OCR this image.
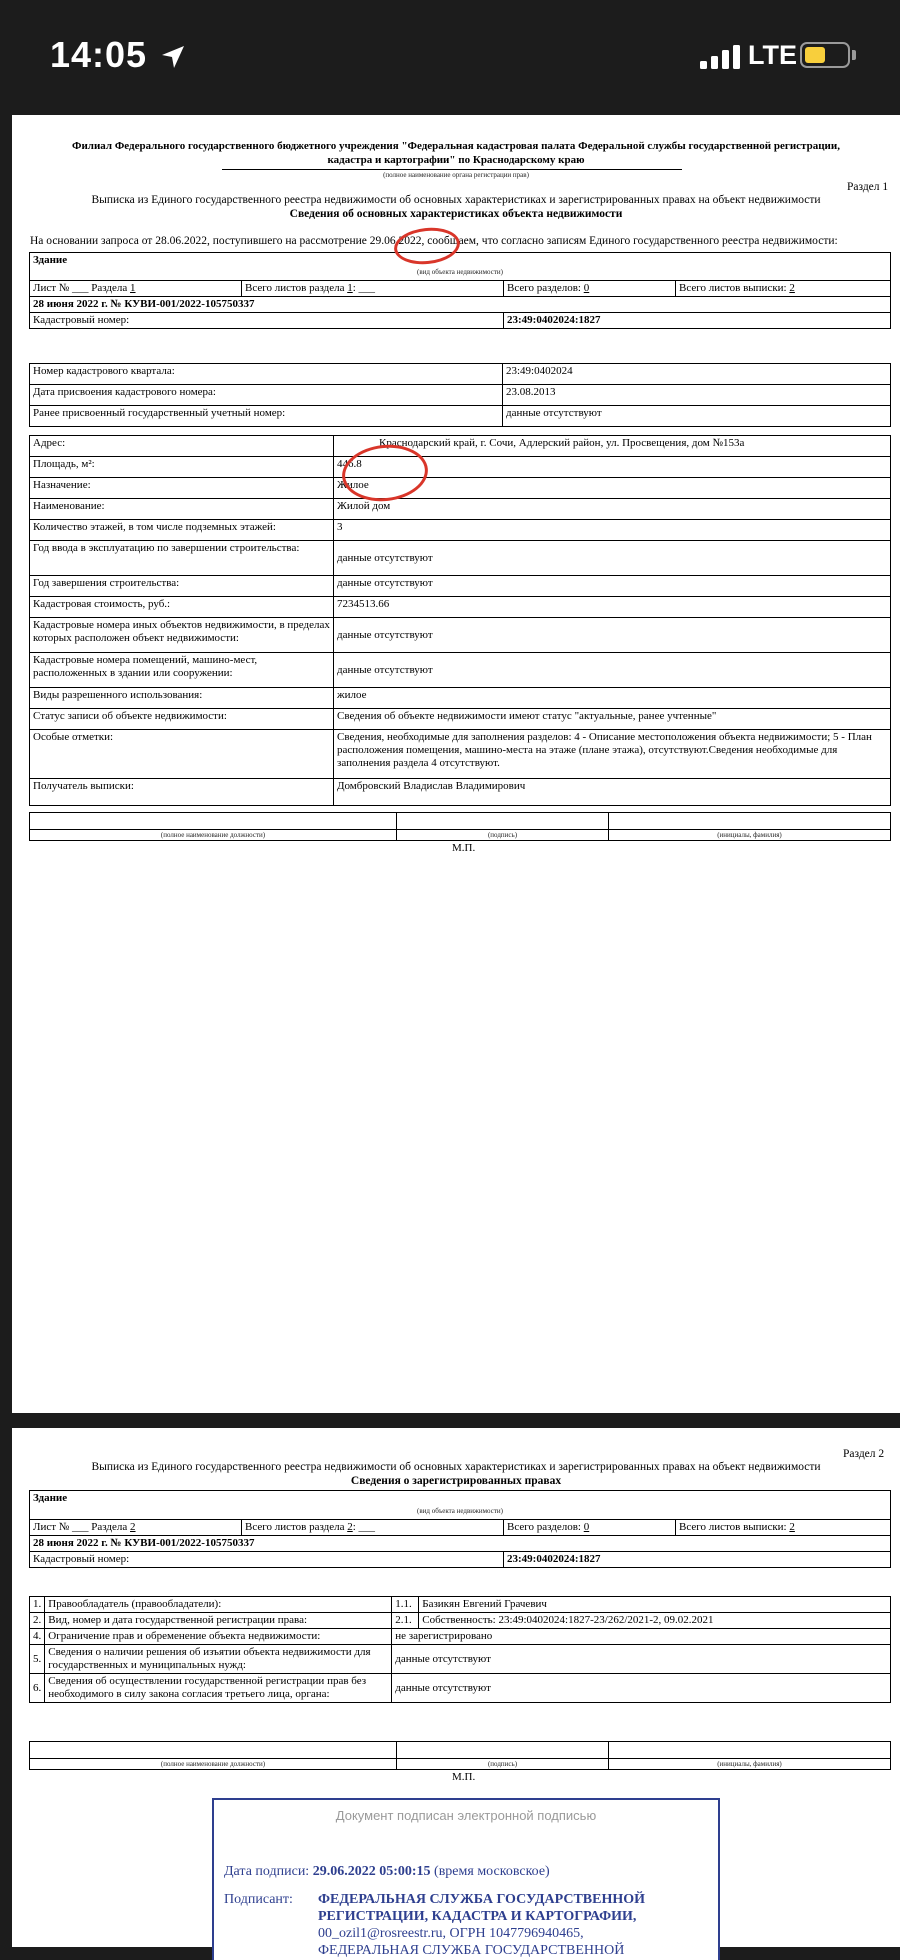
14:05	LTE
Филиал Федерального государственного бюджетного учреждения "Федеральная кадастровая палата Федеральной службы государственной регистрации,
кадастра и картографии" по Краснодарскому краю
(полное наименование органа регистрации прав)
Раздел 1
Выписка из Единого государственного реестра недвижимости об основных характеристиках и зарегистрированных правах на объект недвижимости
Сведения об основных характеристиках объекта недвижимости
На основании запроса от 28.06.2022, поступившего на рассмотрение 29.06.2022, сообщаем, что согласно записям Единого государственного реестра недвижимости:
Здание
(вид объекта недвижимости)			

Лист № ___ Раздела 1	Всего листов раздела 1: ___	Всего разделов: 0	Всего листов выписки: 2
28 июня 2022 г. № КУВИ-001/2022-105750337			
Кадастровый номер:		23:49:0402024:1827	
Номер кадастрового квартала:	23:49:0402024
Дата присвоения кадастрового номера:	23.08.2013
Ранее присвоенный государственный учетный номер:	данные отсутствуют
Адрес:	Краснодарский край, г. Сочи, Адлерский район, ул. Просвещения, дом №153а
Площадь, м²:	446.8
Назначение:	Жилое
Наименование:	Жилой дом
Количество этажей, в том числе подземных этажей:	3
Год ввода в эксплуатацию по завершении строительства:	данные отсутствуют
Год завершения строительства:	данные отсутствуют
Кадастровая стоимость, руб.:	7234513.66
Кадастровые номера иных объектов недвижимости, в пределах которых расположен объект недвижимости:	данные отсутствуют
Кадастровые номера помещений, машино-мест, расположенных в здании или сооружении:	данные отсутствуют
Виды разрешенного использования:	жилое
Статус записи об объекте недвижимости:	Сведения об объекте недвижимости имеют статус "актуальные, ранее учтенные"
Особые отметки:	Сведения, необходимые для заполнения разделов: 4 - Описание местоположения объекта недвижимости; 5 - План расположения помещения, машино-места на этаже (плане этажа), отсутствуют.Сведения необходимые для заполнения раздела 4 отсутствуют.
Получатель выписки:	Домбровский Владислав Владимирович

(полное наименование должности)	(подпись)	(инициалы, фамилия)
М.П.
Раздел 2
Выписка из Единого государственного реестра недвижимости об основных характеристиках и зарегистрированных правах на объект недвижимости
Сведения о зарегистрированных правах
Здание
(вид объекта недвижимости)			

Лист № ___ Раздела 2	Всего листов раздела 2: ___	Всего разделов: 0	Всего листов выписки: 2
28 июня 2022 г. № КУВИ-001/2022-105750337			
Кадастровый номер:		23:49:0402024:1827	
1.	Правообладатель (правообладатели):	1.1.	Базикян Евгений Грачевич
2.	Вид, номер и дата государственной регистрации права:	2.1.	Собственность: 23:49:0402024:1827-23/262/2021-2, 09.02.2021
4.	Ограничение прав и обременение объекта недвижимости:	не зарегистрировано	
5.	Сведения о наличии решения об изъятии объекта недвижимости для государственных и муниципальных нужд:	данные отсутствуют	
6.	Сведения об осуществлении государственной регистрации прав без необходимого в силу закона согласия третьего лица, органа:	данные отсутствуют	

(полное наименование должности)	(подпись)	(инициалы, фамилия)
М.П.
Документ подписан электронной подписью
Дата подписи: 29.06.2022 05:00:15 (время московское)
Подписант: ФЕДЕРАЛЬНАЯ СЛУЖБА ГОСУДАРСТВЕННОЙ
РЕГИСТРАЦИИ, КАДАСТРА И КАРТОГРАФИИ,
00_ozil1@rosreestr.ru, ОГРН 1047796940465,
ФЕДЕРАЛЬНАЯ СЛУЖБА ГОСУДАРСТВЕННОЙ
